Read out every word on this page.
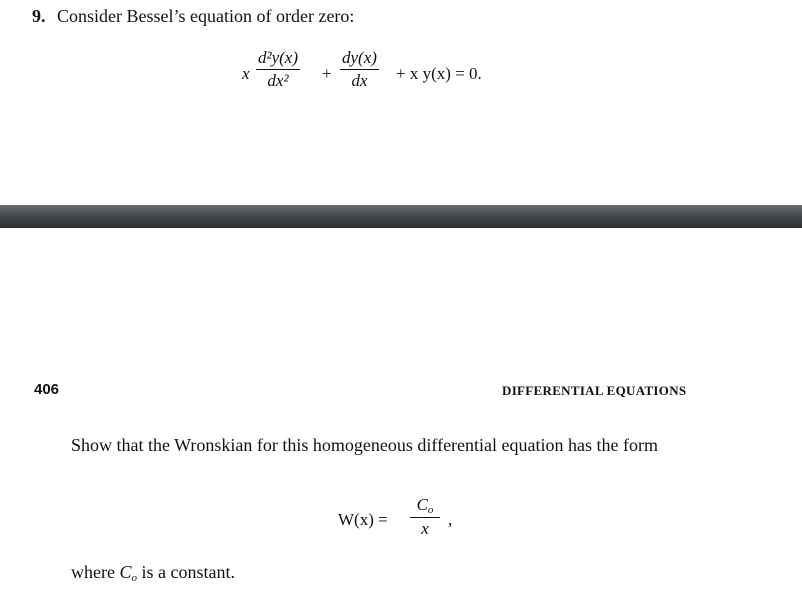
9. Consider Bessel’s equation of order zero:
x
d²y(x)
dx²	+
dy(x)
dx	+ x y(x) = 0.
406	DIFFERENTIAL EQUATIONS
Show that the Wronskian for this homogeneous differential equation has the form
W(x) =
$C_o$
x	,
where $C_o$ is a constant.
